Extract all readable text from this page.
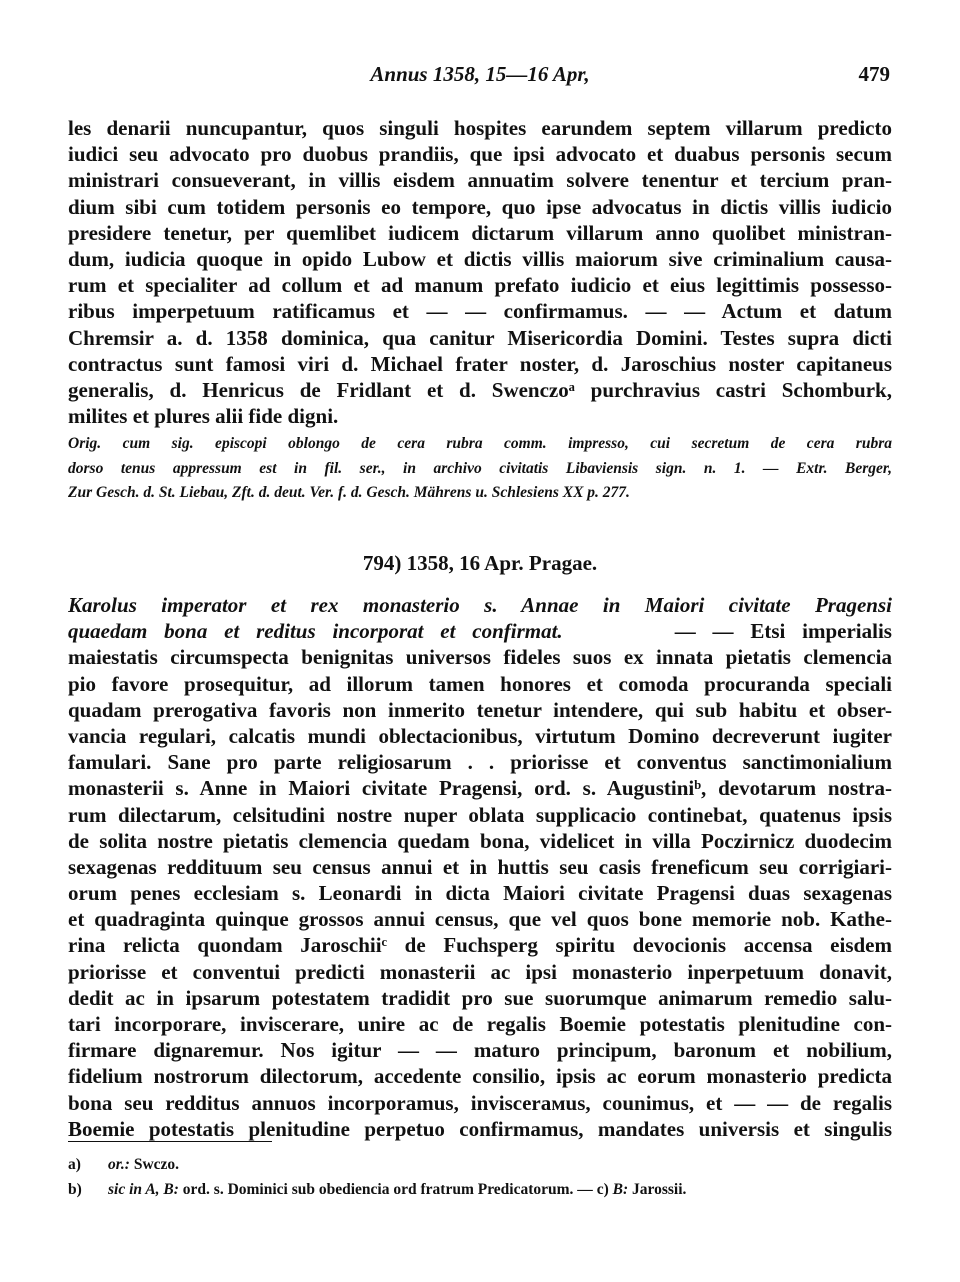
Annus 1358, 15—16 Apr,	479
les denarii nuncupantur, quos singuli hospites earundem septem villarum predicto
iudici seu advocato pro duobus prandiis, que ipsi advocato et duabus personis secum
ministrari consueverant, in villis eisdem annuatim solvere tenentur et tercium pran-
dium sibi cum totidem personis eo tempore, quo ipse advocatus in dictis villis iudicio
presidere tenetur, per quemlibet iudicem dictarum villarum anno quolibet ministran-
dum, iudicia quoque in opido Lubow et dictis villis maiorum sive criminalium causa-
rum et specialiter ad collum et ad manum prefato iudicio et eius legittimis possesso-
ribus imperpetuum ratificamus et — — confirmamus. — — Actum et datum
Chremsir a. d. 1358 dominica, qua canitur Misericordia Domini. Testes supra dicti
contractus sunt famosi viri d. Michael frater noster, d. Jaroschius noster capitaneus
generalis, d. Henricus de Fridlant et d. Swenczoᵃ purchravius castri Schomburk,
milites et plures alii fide digni.
Orig. cum sig. episcopi oblongo de cera rubra comm. impresso, cui secretum de cera rubra
dorso tenus appressum est in fil. ser., in archivo civitatis Libaviensis sign. n. 1. — Extr. Berger,
Zur Gesch. d. St. Liebau, Zft. d. deut. Ver. f. d. Gesch. Mährens u. Schlesiens XX p. 277.
794) 1358, 16 Apr. Pragae.
Karolus imperator et rex monasterio s. Annae in Maiori civitate Pragensi
quaedam bona et reditus incorporat et confirmat.	— — Etsi imperialis
maiestatis circumspecta benignitas universos fideles suos ex innata pietatis clemencia
pio favore prosequitur, ad illorum tamen honores et comoda procuranda speciali
quadam prerogativa favoris non inmerito tenetur intendere, qui sub habitu et obser-
vancia regulari, calcatis mundi oblectacionibus, virtutum Domino decreverunt iugiter
famulari. Sane pro parte religiosarum . . priorisse et conventus sanctimonialium
monasterii s. Anne in Maiori civitate Pragensi, ord. s. Augustiniᵇ, devotarum nostra-
rum dilectarum, celsitudini nostre nuper oblata supplicacio continebat, quatenus ipsis
de solita nostre pietatis clemencia quedam bona, videlicet in villa Poczirnicz duodecim
sexagenas reddituum seu census annui et in huttis seu casis freneficum seu corrigiari-
orum penes ecclesiam s. Leonardi in dicta Maiori civitate Pragensi duas sexagenas
et quadraginta quinque grossos annui census, que vel quos bone memorie nob. Kathe-
rina relicta quondam Jaroschiiᶜ de Fuchsperg spiritu devocionis accensa eisdem
priorisse et conventui predicti monasterii ac ipsi monasterio inperpetuum donavit,
dedit ac in ipsarum potestatem tradidit pro sue suorumque animarum remedio salu-
tari incorporare, inviscerare, unire ac de regalis Boemie potestatis plenitudine con-
firmare dignaremur. Nos igitur — — maturo principum, baronum et nobilium,
fidelium nostrorum dilectorum, accedente consilio, ipsis ac eorum monasterio predicta
bona seu redditus annuos incorporamus, inviscerамus, counimus, et — — de regalis
Boemie potestatis plenitudine perpetuo confirmamus, mandates universis et singulis
a) or.: Swczo.
b) sic in A, B: ord. s. Dominici sub obediencia ord fratrum Predicatorum. — c) B: Jarossii.
